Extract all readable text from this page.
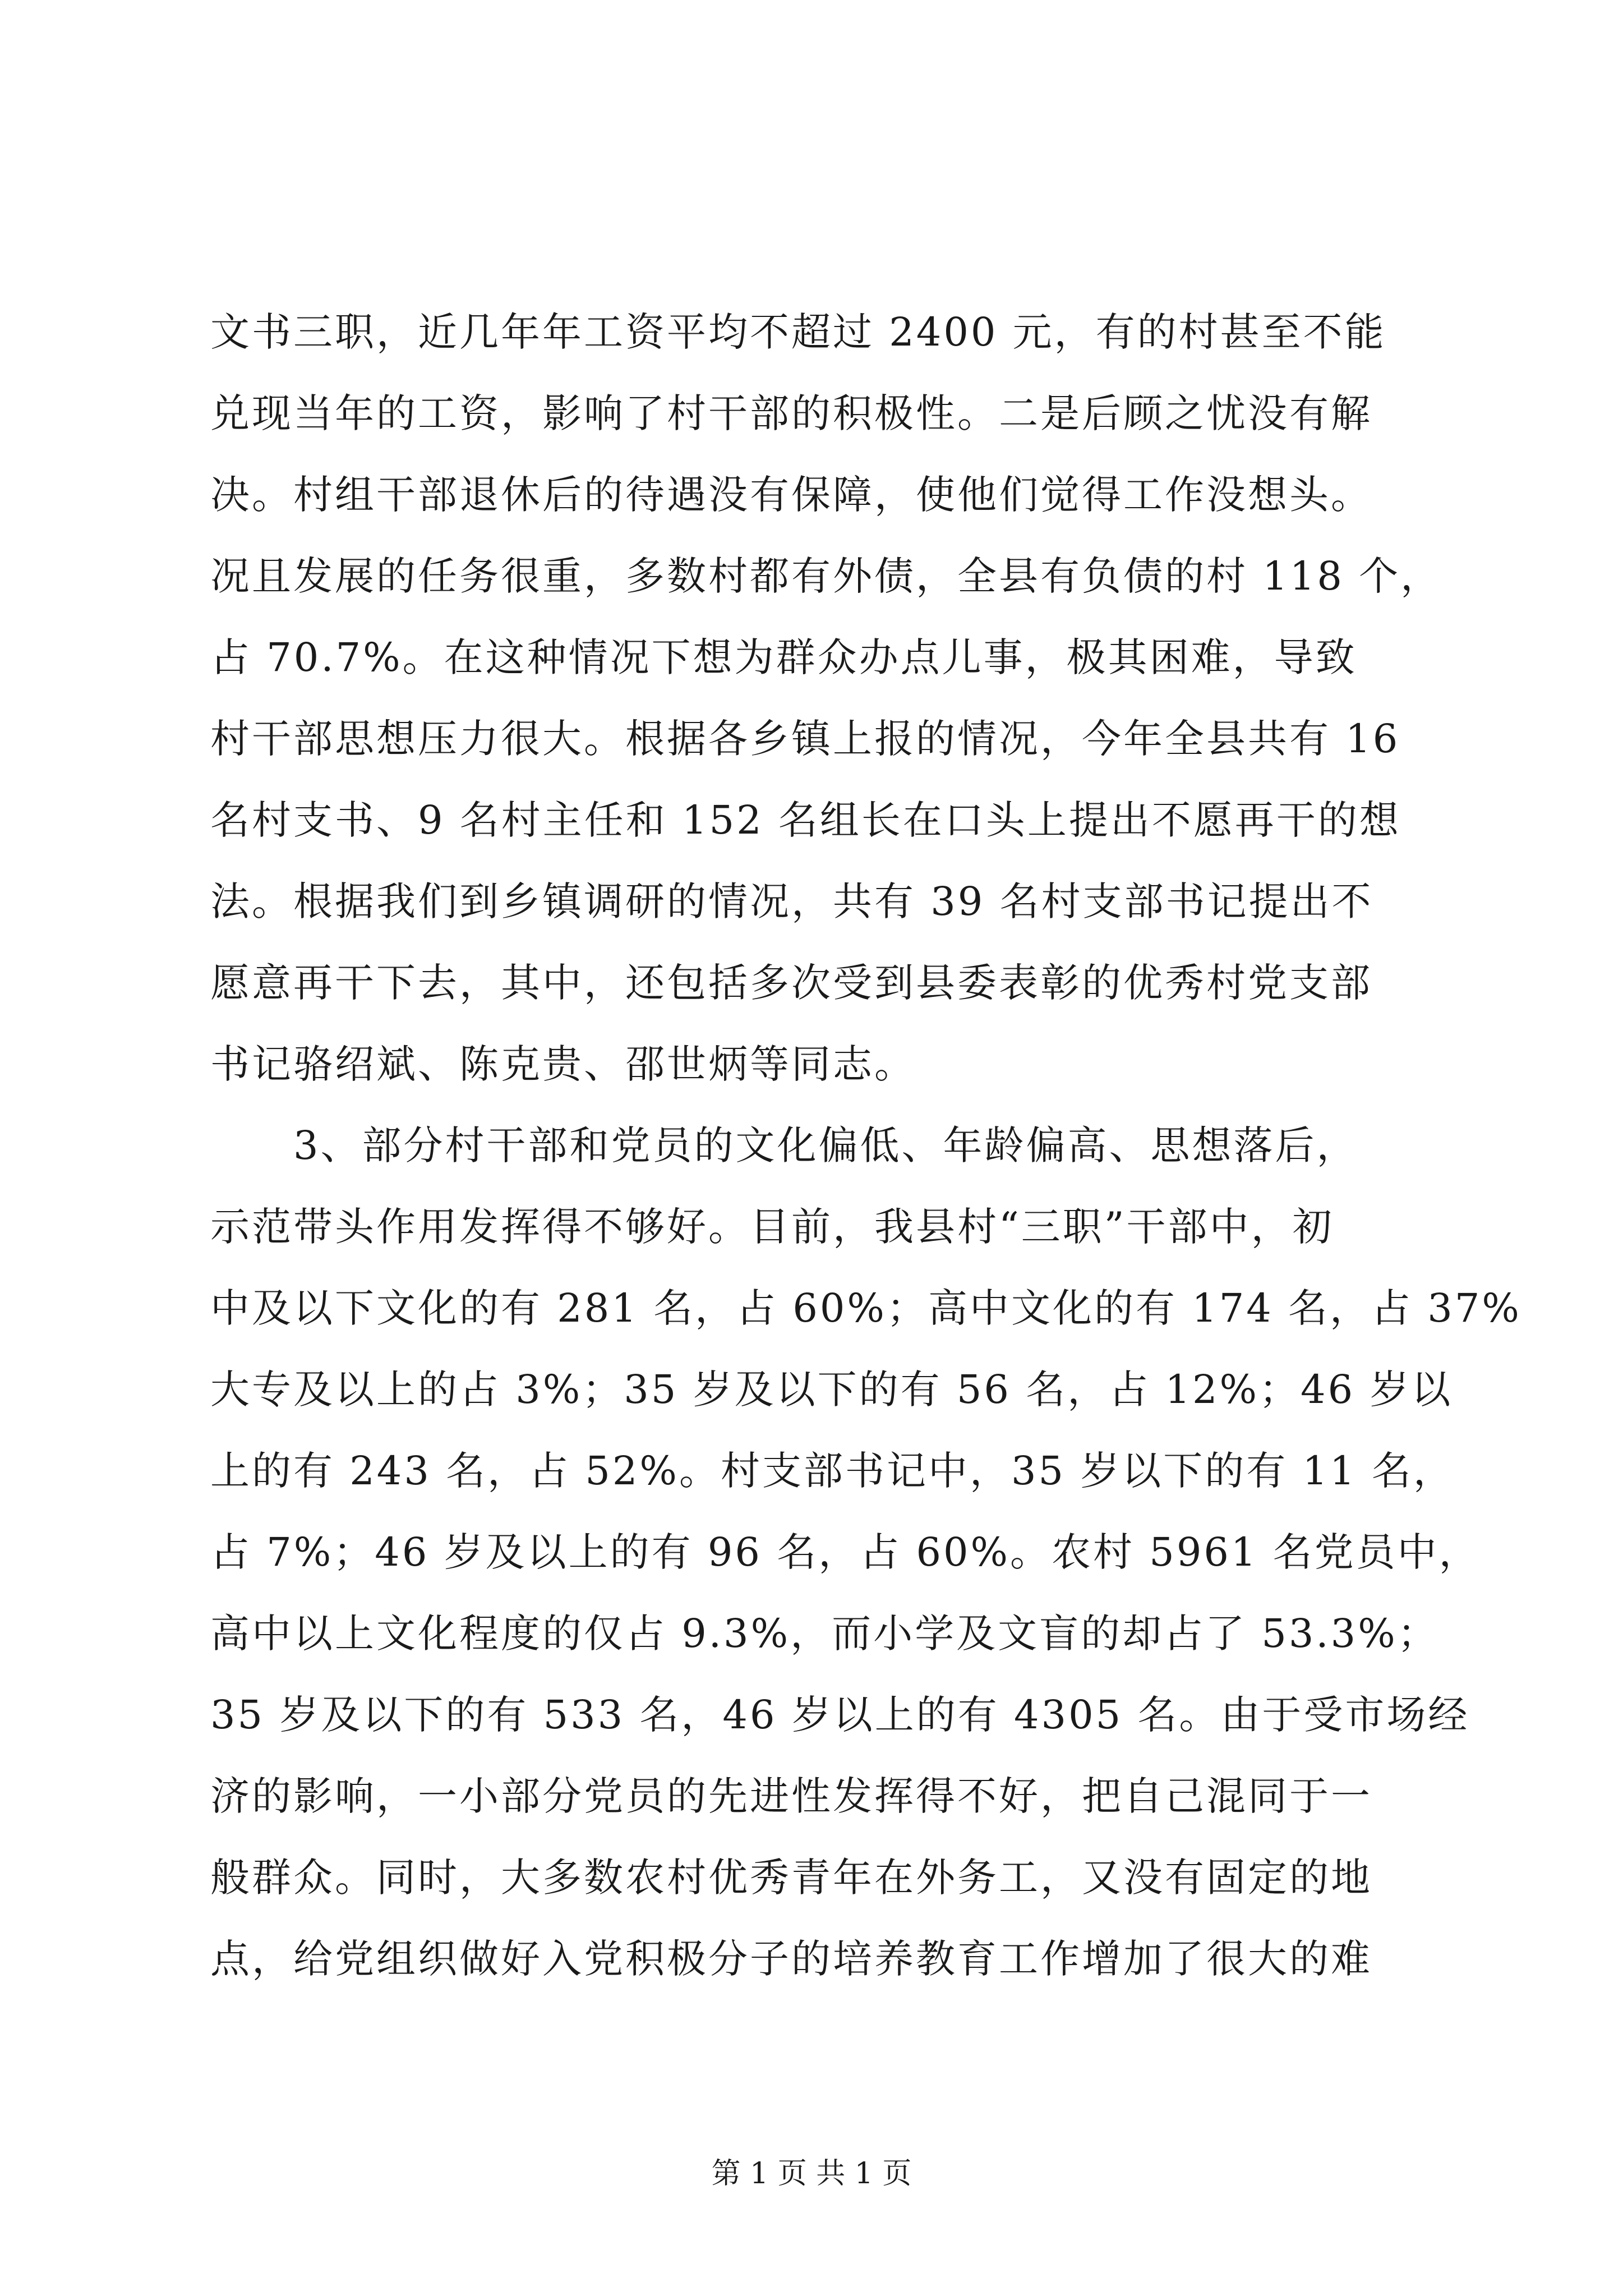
文书三职，近几年年工资平均不超过 2400 元，有的村甚至不能
兑现当年的工资，影响了村干部的积极性。二是后顾之忧没有解
决。村组干部退休后的待遇没有保障，使他们觉得工作没想头。
况且发展的任务很重，多数村都有外债，全县有负债的村 118 个，
占 70.7%。在这种情况下想为群众办点儿事，极其困难，导致
村干部思想压力很大。根据各乡镇上报的情况，今年全县共有 16
名村支书、9 名村主任和 152 名组长在口头上提出不愿再干的想
法。根据我们到乡镇调研的情况，共有 39 名村支部书记提出不
愿意再干下去，其中，还包括多次受到县委表彰的优秀村党支部
书记骆绍斌、陈克贵、邵世炳等同志。
　　3、部分村干部和党员的文化偏低、年龄偏高、思想落后，
示范带头作用发挥得不够好。目前，我县村“三职”干部中，初
中及以下文化的有 281 名，占 60%；高中文化的有 174 名，占 37%
大专及以上的占 3%；35 岁及以下的有 56 名，占 12%；46 岁以
上的有 243 名，占 52%。村支部书记中，35 岁以下的有 11 名，
占 7%；46 岁及以上的有 96 名，占 60%。农村 5961 名党员中，
高中以上文化程度的仅占 9.3%，而小学及文盲的却占了 53.3%；
35 岁及以下的有 533 名，46 岁以上的有 4305 名。由于受市场经
济的影响，一小部分党员的先进性发挥得不好，把自己混同于一
般群众。同时，大多数农村优秀青年在外务工，又没有固定的地
点，给党组织做好入党积极分子的培养教育工作增加了很大的难
第 1 页 共 1 页
